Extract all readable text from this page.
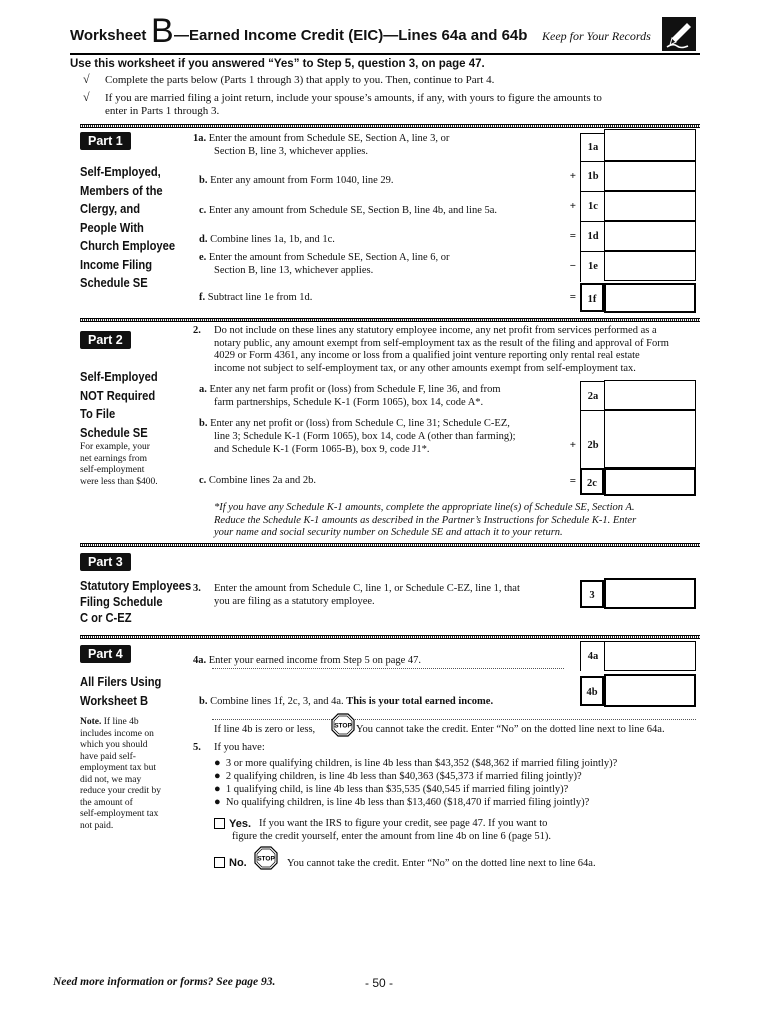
Worksheet B —Earned Income Credit (EIC)—Lines 64a and 64b Keep for Your Records
Use this worksheet if you answered “Yes” to Step 5, question 3, on page 47.
√ Complete the parts below (Parts 1 through 3) that apply to you. Then, continue to Part 4.
√ If you are married filing a joint return, include your spouse’s amounts, if any, with yours to figure the amounts to
enter in Parts 1 through 3.
Part 1
Self-Employed,
Members of the
Clergy, and
People With
Church Employee
Income Filing
Schedule SE
1a. Enter the amount from Schedule SE, Section A, line 3, or
Section B, line 3, whichever applies.	1a
b. Enter any amount from Form 1040, line 29.	+	1b
c. Enter any amount from Schedule SE, Section B, line 4b, and line 5a.	+	1c
d. Combine lines 1a, 1b, and 1c.	=	1d
e. Enter the amount from Schedule SE, Section A, line 6, or
Section B, line 13, whichever applies.	−	1e
f. Subtract line 1e from 1d.	=	1f
Part 2
Self-Employed
NOT Required
To File
Schedule SE
For example, your
net earnings from
self-employment
were less than $400.
2. Do not include on these lines any statutory employee income, any net profit from services performed as a
notary public, any amount exempt from self-employment tax as the result of the filing and approval of Form
4029 or Form 4361, any income or loss from a qualified joint venture reporting only rental real estate
income not subject to self-employment tax, or any other amounts exempt from self-employment tax.
a. Enter any net farm profit or (loss) from Schedule F, line 36, and from
farm partnerships, Schedule K-1 (Form 1065), box 14, code A*.
2a
b. Enter any net profit or (loss) from Schedule C, line 31; Schedule C-EZ,
line 3; Schedule K-1 (Form 1065), box 14, code A (other than farming);
and Schedule K-1 (Form 1065-B), box 9, code J1*.	+	2b
c. Combine lines 2a and 2b.	=	2c
*If you have any Schedule K-1 amounts, complete the appropriate line(s) of Schedule SE, Section A.
Reduce the Schedule K-1 amounts as described in the Partner’s Instructions for Schedule K-1. Enter
your name and social security number on Schedule SE and attach it to your return.
Part 3
Statutory Employees
Filing Schedule
C or C-EZ
3. Enter the amount from Schedule C, line 1, or Schedule C-EZ, line 1, that
you are filing as a statutory employee.	3
Part 4
All Filers Using
Worksheet B
Note. If line 4b
includes income on
which you should
have paid self-
employment tax but
did not, we may
reduce your credit by
the amount of
self-employment tax
not paid.
4a. Enter your earned income from Step 5 on page 47.	4a
b. Combine lines 1f, 2c, 3, and 4a. This is your total earned income.
4b
If line 4b is zero or less,	STOP You cannot take the credit. Enter “No” on the dotted line next to line 64a.
5. If you have:
● 3 or more qualifying children, is line 4b less than $43,352 ($48,362 if married filing jointly)?
● 2 qualifying children, is line 4b less than $40,363 ($45,373 if married filing jointly)?
● 1 qualifying child, is line 4b less than $35,535 ($40,545 if married filing jointly)?
● No qualifying children, is line 4b less than $13,460 ($18,470 if married filing jointly)?
Yes. If you want the IRS to figure your credit, see page 47. If you want to
figure the credit yourself, enter the amount from line 4b on line 6 (page 51).
No. STOP You cannot take the credit. Enter “No” on the dotted line next to line 64a.
Need more information or forms? See page 93.	- 50 -
